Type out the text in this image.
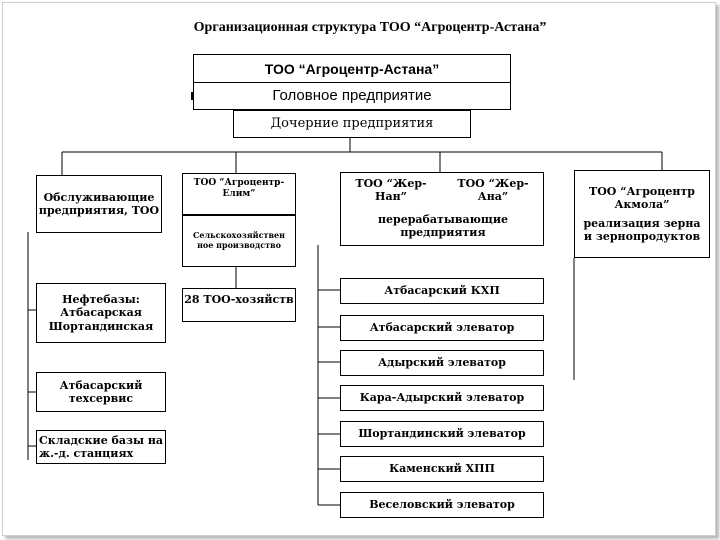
Организационная структура ТОО “Агроцентр-Астана”
ТОО “Агроцентр-Астана”
Головное предприятие
Дочерние предприятия
Обслуживающие предприятия, ТОО
Нефтебазы: Атбасарская Шортандинская
Атбасарский техсервис
Складские базы на ж.-д. станциях
ТОО “Агроцентр-Елим”
Сельскохозяйственное производство
28 ТОО-хозяйств
ТОО “Жер-Нан”
ТОО “Жер-Ана”
перерабатывающие предприятия
Атбасарский КХП
Атбасарский элеватор
Адырский элеватор
Кара-Адырский элеватор
Шортандинский элеватор
Каменский ХПП
Веселовский элеватор
ТОО “Агроцентр Акмола”
реализация зерна и зернопродуктов
